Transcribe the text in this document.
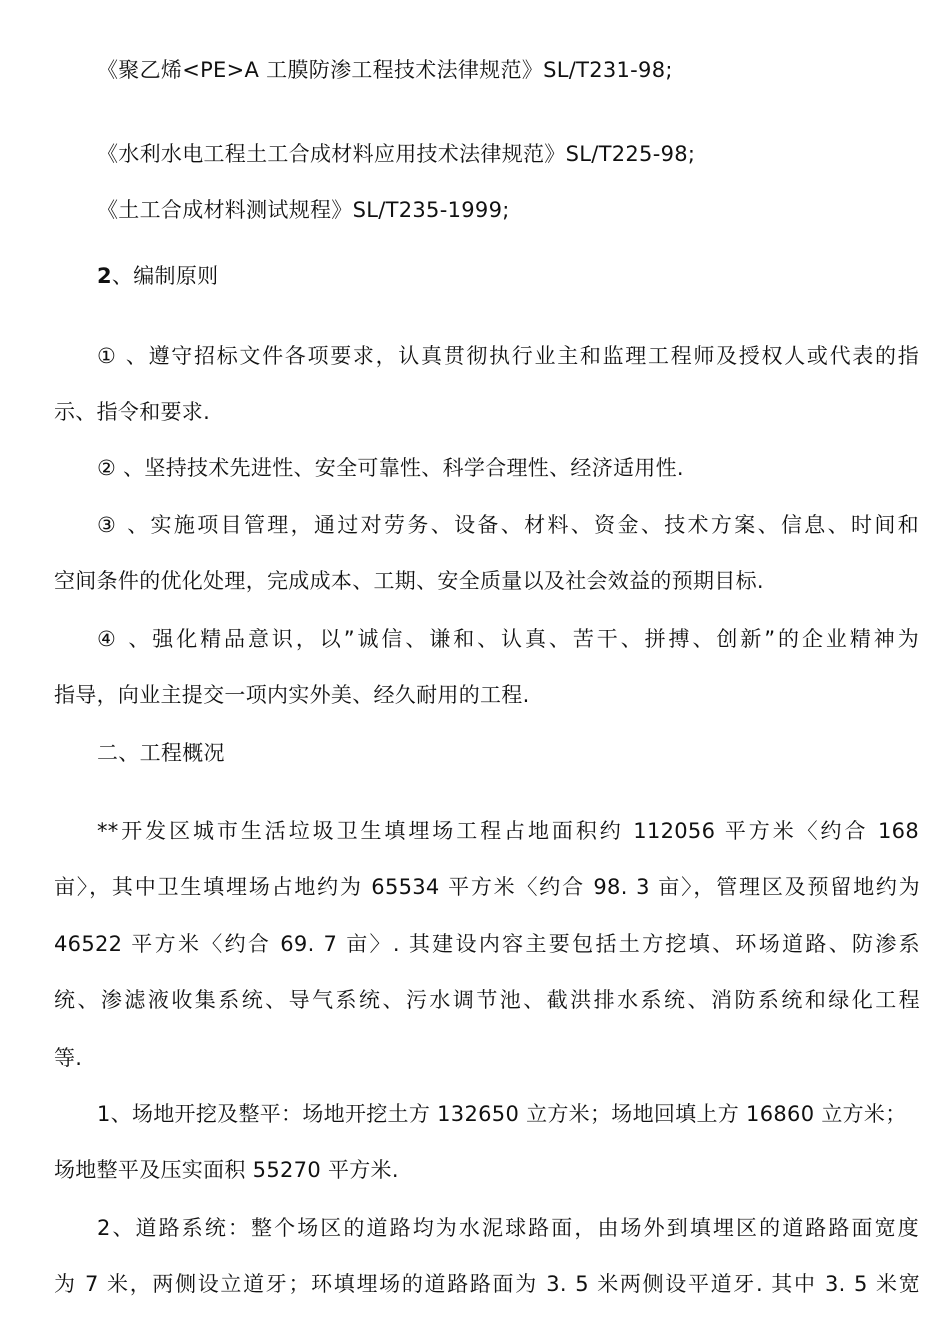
《聚乙烯<PE>A 工膜防渗工程技术法律规范》SL/T231-98;
《水利水电工程土工合成材料应用技术法律规范》SL/T225-98;
《土工合成材料测试规程》SL/T235-1999;
2、编制原则
① 、遵守招标文件各项要求，认真贯彻执行业主和监理工程师及授权人或代表的指
示、指令和要求.
② 、坚持技术先进性、安全可靠性、科学合理性、经济适用性.
③ 、实施项目管理，通过对劳务、设备、材料、资金、技术方案、信息、时间和
空间条件的优化处理，完成成本、工期、安全质量以及社会效益的预期目标.
④ 、强化精品意识，以”诚信、谦和、认真、苦干、拼搏、创新”的企业精神为
指导，向业主提交一项内实外美、经久耐用的工程.
二、工程概况
**开发区城市生活垃圾卫生填埋场工程占地面积约 112056 平方米〈约合 168
亩〉，其中卫生填埋场占地约为 65534 平方米〈约合 98. 3 亩〉，管理区及预留地约为
46522 平方米〈约合 69. 7 亩〉. 其建设内容主要包括土方挖填、环场道路、防渗系
统、渗滤液收集系统、导气系统、污水调节池、截洪排水系统、消防系统和绿化工程
等.
1、场地开挖及整平：场地开挖土方 132650 立方米；场地回填上方 16860 立方米；
场地整平及压实面积 55270 平方米.
2、道路系统：整个场区的道路均为水泥球路面，由场外到填埋区的道路路面宽度
为 7 米，两侧设立道牙；环填埋场的道路路面为 3. 5 米两侧设平道牙. 其中 3. 5 米宽
